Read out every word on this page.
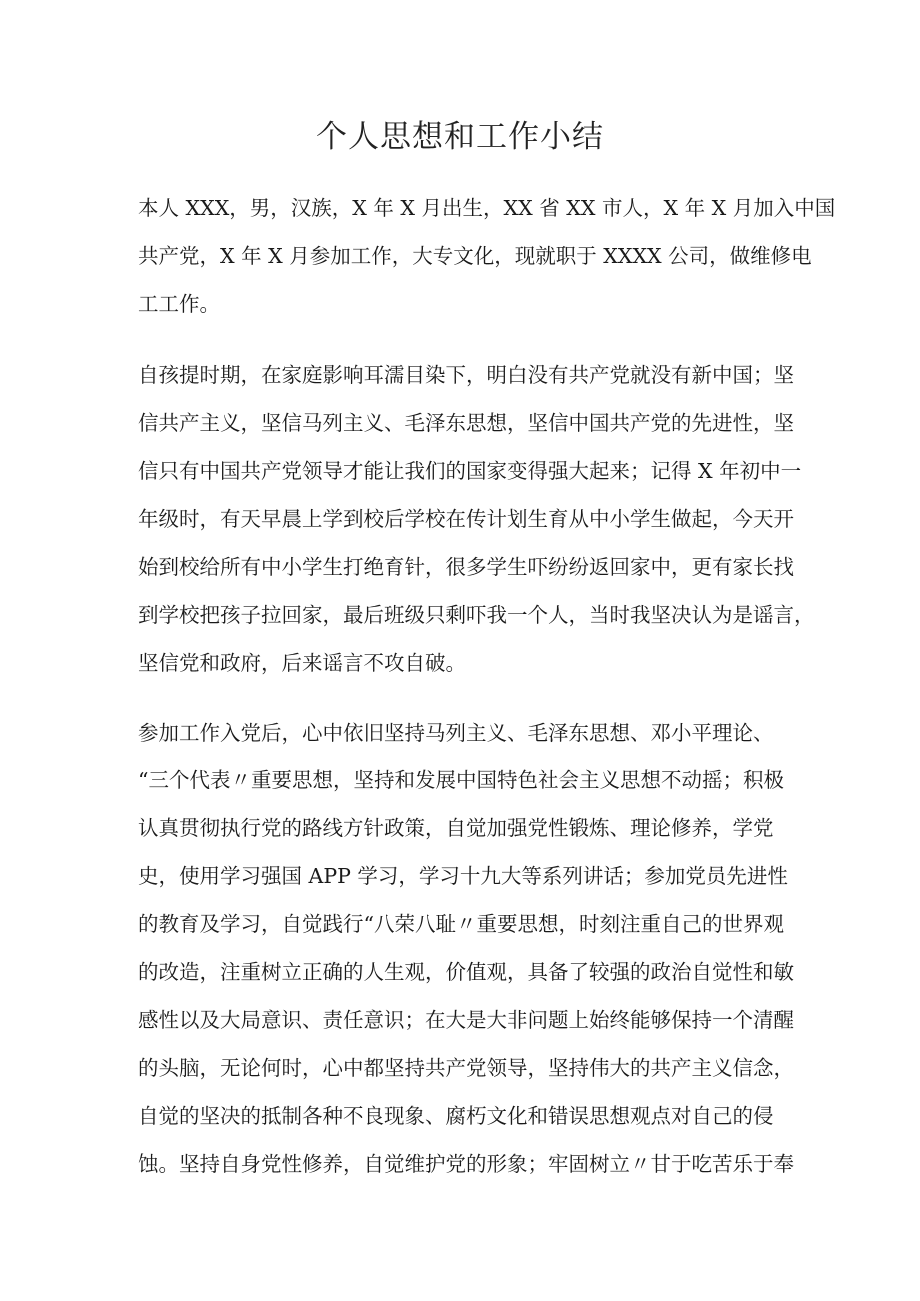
个人思想和工作小结
本人 XXX，男，汉族，X 年 X 月出生，XX 省 XX 市人，X 年 X 月加入中国
共产党，X 年 X 月参加工作，大专文化，现就职于 XXXX 公司，做维修电
工工作。
自孩提时期，在家庭影响耳濡目染下，明白没有共产党就没有新中国；坚
信共产主义，坚信马列主义、毛泽东思想，坚信中国共产党的先进性，坚
信只有中国共产党领导才能让我们的国家变得强大起来；记得 X 年初中一
年级时，有天早晨上学到校后学校在传计划生育从中小学生做起，今天开
始到校给所有中小学生打绝育针，很多学生吓纷纷返回家中，更有家长找
到学校把孩子拉回家，最后班级只剩吓我一个人，当时我坚决认为是谣言，
坚信党和政府，后来谣言不攻自破。
参加工作入党后，心中依旧坚持马列主义、毛泽东思想、邓小平理论、
“三个代表〃重要思想，坚持和发展中国特色社会主义思想不动摇；积极
认真贯彻执行党的路线方针政策，自觉加强党性锻炼、理论修养，学党
史，使用学习强国 APP 学习，学习十九大等系列讲话；参加党员先进性
的教育及学习，自觉践行“八荣八耻〃重要思想，时刻注重自己的世界观
的改造，注重树立正确的人生观，价值观，具备了较强的政治自觉性和敏
感性以及大局意识、责任意识；在大是大非问题上始终能够保持一个清醒
的头脑，无论何时，心中都坚持共产党领导，坚持伟大的共产主义信念，
自觉的坚决的抵制各种不良现象、腐朽文化和错误思想观点对自己的侵
蚀。坚持自身党性修养，自觉维护党的形象；牢固树立〃甘于吃苦乐于奉
